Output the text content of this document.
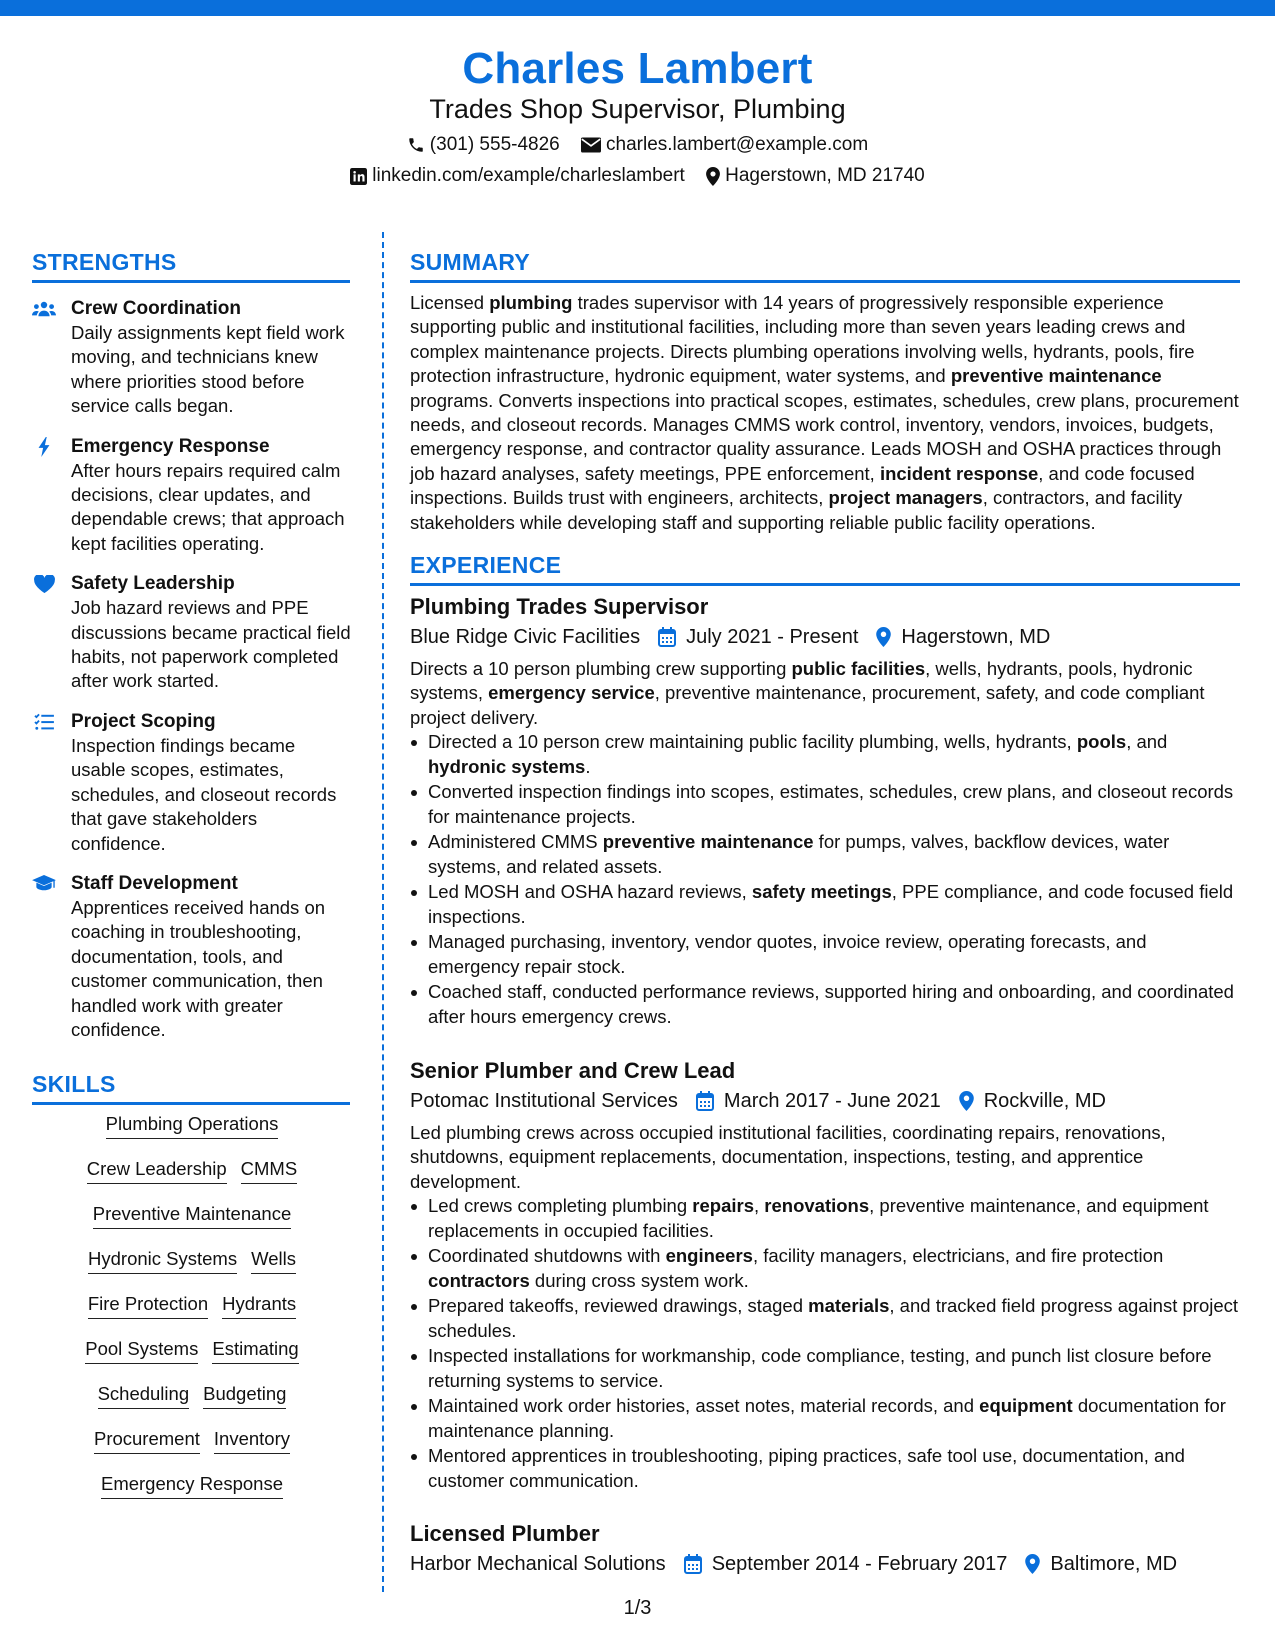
Charles Lambert
Trades Shop Supervisor, Plumbing
(301) 555-4826
charles.lambert@example.com
linkedin.com/example/charleslambert
Hagerstown, MD 21740
STRENGTHS
Crew Coordination
Daily assignments kept field work moving, and technicians knew where priorities stood before service calls began.
Emergency Response
After hours repairs required calm decisions, clear updates, and dependable crews; that approach kept facilities operating.
Safety Leadership
Job hazard reviews and PPE discussions became practical field habits, not paperwork completed after work started.
Project Scoping
Inspection findings became usable scopes, estimates, schedules, and closeout records that gave stakeholders confidence.
Staff Development
Apprentices received hands on coaching in troubleshooting, documentation, tools, and customer communication, then handled work with greater confidence.
SKILLS
Plumbing Operations
Crew Leadership CMMS
Preventive Maintenance
Hydronic Systems Wells
Fire Protection Hydrants
Pool Systems Estimating
Scheduling Budgeting
Procurement Inventory
Emergency Response
SUMMARY

Licensed plumbing trades supervisor with 14 years of progressively responsible experience supporting public and institutional facilities, including more than seven years leading crews and complex maintenance projects. Directs plumbing operations involving wells, hydrants, pools, fire protection infrastructure, hydronic equipment, water systems, and preventive maintenance programs. Converts inspections into practical scopes, estimates, schedules, crew plans, procurement needs, and closeout records. Manages CMMS work control, inventory, vendors, invoices, budgets, emergency response, and contractor quality assurance. Leads MOSH and OSHA practices through job hazard analyses, safety meetings, PPE enforcement, incident response, and code focused inspections. Builds trust with engineers, architects, project managers, contractors, and facility stakeholders while developing staff and supporting reliable public facility operations.

EXPERIENCE
Plumbing Trades Supervisor
Blue Ridge Civic Facilities July 2021 - Present Hagerstown, MD

Directs a 10 person plumbing crew supporting public facilities, wells, hydrants, pools, hydronic systems, emergency service, preventive maintenance, procurement, safety, and code compliant project delivery.

Directed a 10 person crew maintaining public facility plumbing, wells, hydrants, pools, and hydronic systems.
Converted inspection findings into scopes, estimates, schedules, crew plans, and closeout records for maintenance projects.
Administered CMMS preventive maintenance for pumps, valves, backflow devices, water systems, and related assets.
Led MOSH and OSHA hazard reviews, safety meetings, PPE compliance, and code focused field inspections.
Managed purchasing, inventory, vendor quotes, invoice review, operating forecasts, and emergency repair stock.
Coached staff, conducted performance reviews, supported hiring and onboarding, and coordinated after hours emergency crews.
Senior Plumber and Crew Lead
Potomac Institutional Services March 2017 - June 2021 Rockville, MD

Led plumbing crews across occupied institutional facilities, coordinating repairs, renovations, shutdowns, equipment replacements, documentation, inspections, testing, and apprentice development.

Led crews completing plumbing repairs, renovations, preventive maintenance, and equipment replacements in occupied facilities.
Coordinated shutdowns with engineers, facility managers, electricians, and fire protection contractors during cross system work.
Prepared takeoffs, reviewed drawings, staged materials, and tracked field progress against project schedules.
Inspected installations for workmanship, code compliance, testing, and punch list closure before returning systems to service.
Maintained work order histories, asset notes, material records, and equipment documentation for maintenance planning.
Mentored apprentices in troubleshooting, piping practices, safe tool use, documentation, and customer communication.
Licensed Plumber
Harbor Mechanical Solutions September 2014 - February 2017 Baltimore, MD
1/3
